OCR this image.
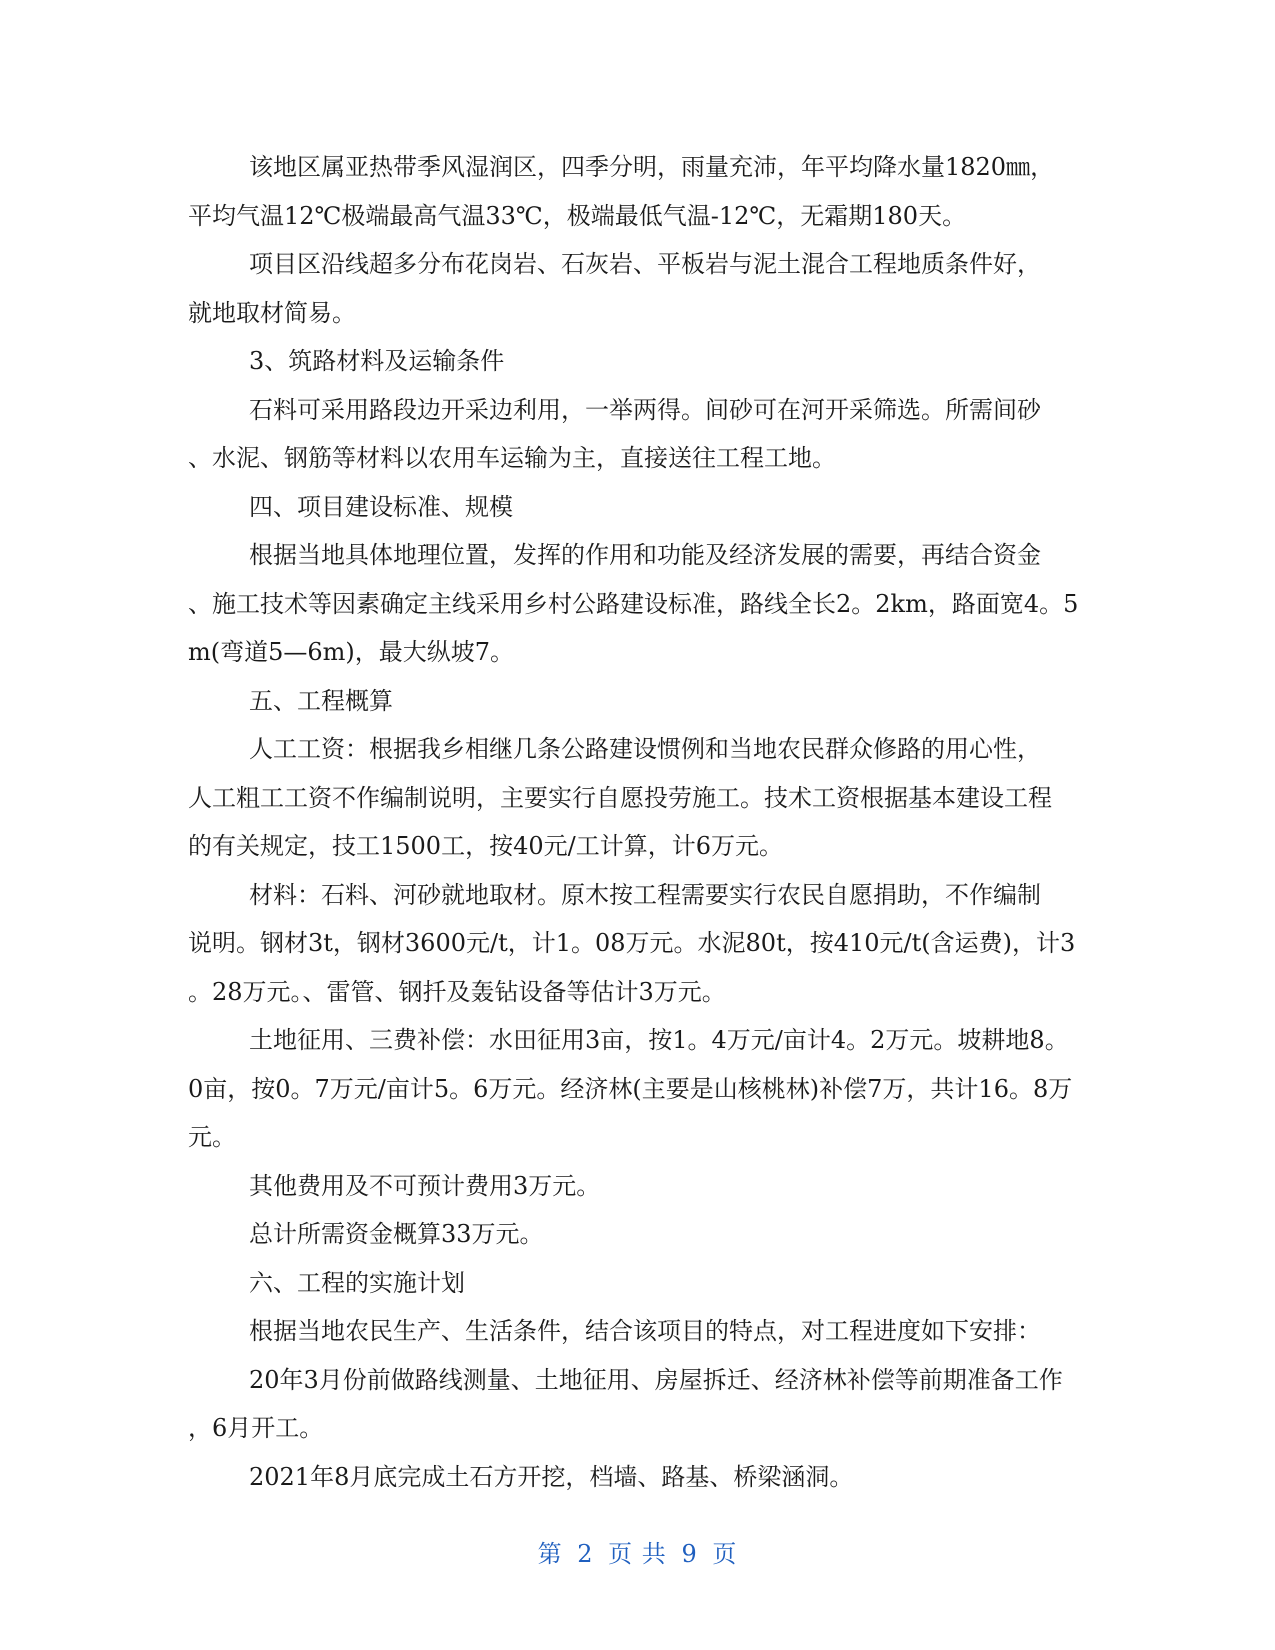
该地区属亚热带季风湿润区，四季分明，雨量充沛，年平均降水量1820㎜，
平均气温12℃极端最高气温33℃，极端最低气温-12℃，无霜期180天。
项目区沿线超多分布花岗岩、石灰岩、平板岩与泥土混合工程地质条件好，
就地取材简易。
3、筑路材料及运输条件
石料可采用路段边开采边利用，一举两得。间砂可在河开采筛选。所需间砂
、水泥、钢筋等材料以农用车运输为主，直接送往工程工地。
四、项目建设标准、规模
根据当地具体地理位置，发挥的作用和功能及经济发展的需要，再结合资金
、施工技术等因素确定主线采用乡村公路建设标准，路线全长2。2km，路面宽4。5
m(弯道5—6m)，最大纵坡7。
五、工程概算
人工工资：根据我乡相继几条公路建设惯例和当地农民群众修路的用心性，
人工粗工工资不作编制说明，主要实行自愿投劳施工。技术工资根据基本建设工程
的有关规定，技工1500工，按40元/工计算，计6万元。
材料：石料、河砂就地取材。原木按工程需要实行农民自愿捐助，不作编制
说明。钢材3t，钢材3600元/t，计1。08万元。水泥80t，按410元/t(含运费)，计3
。28万元。、雷管、钢扦及轰钻设备等估计3万元。
土地征用、三费补偿：水田征用3亩，按1。4万元/亩计4。2万元。坡耕地8。
0亩，按0。7万元/亩计5。6万元。经济林(主要是山核桃林)补偿7万，共计16。8万
元。
其他费用及不可预计费用3万元。
总计所需资金概算33万元。
六、工程的实施计划
根据当地农民生产、生活条件，结合该项目的特点，对工程进度如下安排：
20年3月份前做路线测量、土地征用、房屋拆迁、经济林补偿等前期准备工作
，6月开工。
2021年8月底完成土石方开挖，档墙、路基、桥梁涵洞。
第 2 页 共 9 页
